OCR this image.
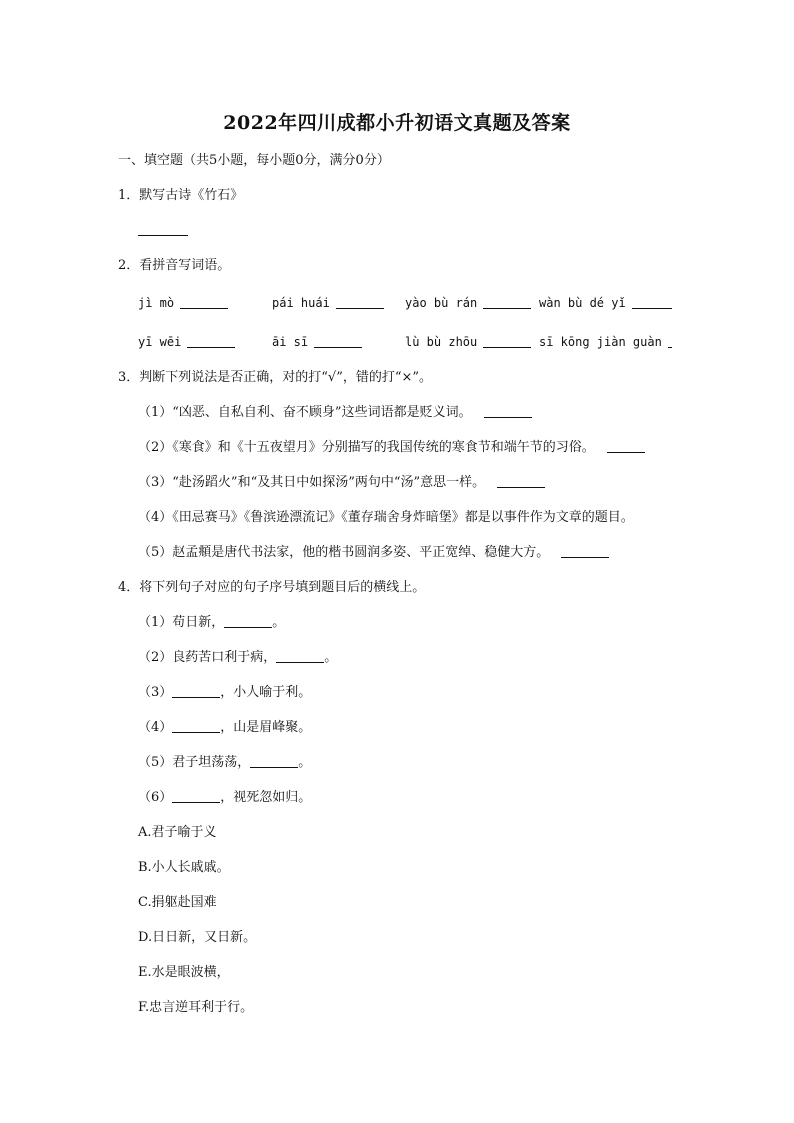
2022年四川成都小升初语文真题及答案
一、填空题（共5小题，每小题0分，满分0分）
1．默写古诗《竹石》
2．看拼音写词语。
jì mò	pái huái	yào bù rán	wàn bù dé yǐ
yī wēi	āi sī	lù bù zhōu	sī kōng jiàn guàn
3．判断下列说法是否正确，对的打“√”，错的打“×”。
（1）“凶恶、自私自利、奋不顾身”这些词语都是贬义词。
（2）《寒食》和《十五夜望月》分别描写的我国传统的寒食节和端午节的习俗。
（3）“赴汤蹈火”和“及其日中如探汤”两句中“汤”意思一样。
（4）《田忌赛马》《鲁滨逊漂流记》《董存瑞舍身炸暗堡》都是以事件作为文章的题目。
（5）赵孟頫是唐代书法家，他的楷书圆润多姿、平正宽绰、稳健大方。
4．将下列句子对应的句子序号填到题目后的横线上。
（1）苟日新，	。
（2）良药苦口利于病，	。
（3）	，小人喻于利。
（4）	，山是眉峰聚。
（5）君子坦荡荡，	。
（6）	，视死忽如归。
A.君子喻于义
B.小人长戚戚。
C.捐躯赴国难
D.日日新，又日新。
E.水是眼波横，
F.忠言逆耳利于行。
